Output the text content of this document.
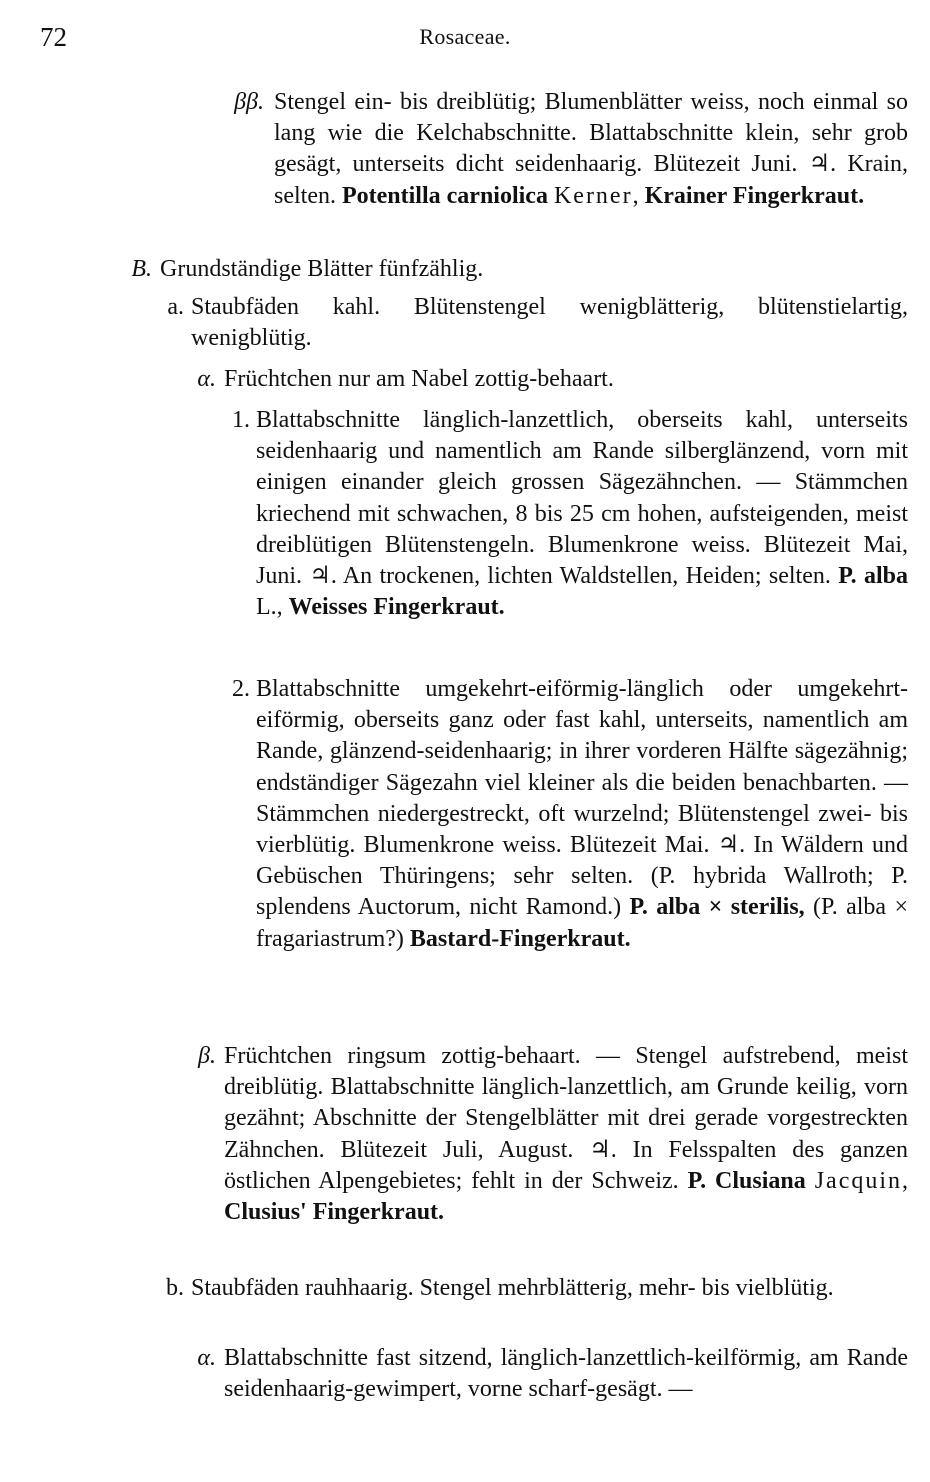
72	Rosaceae.
ββ. Stengel ein- bis dreiblütig; Blumenblätter weiss, noch einmal so lang wie die Kelchabschnitte. Blattabschnitte klein, sehr grob gesägt, unterseits dicht seidenhaarig. Blütezeit Juni. ♃. Krain, selten. Potentilla carniolica Kerner, Krainer Fingerkraut.
B. Grundständige Blätter fünfzählig.
a. Staubfäden kahl. Blütenstengel wenigblätterig, blütenstielartig, wenigblütig.
α. Früchtchen nur am Nabel zottig-behaart.
1. Blattabschnitte länglich-lanzettlich, oberseits kahl, unterseits seidenhaarig und namentlich am Rande silberglänzend, vorn mit einigen einander gleich grossen Sägezähnchen. — Stämmchen kriechend mit schwachen, 8 bis 25 cm hohen, aufsteigenden, meist dreiblütigen Blütenstengeln. Blumenkrone weiss. Blütezeit Mai, Juni. ♃. An trockenen, lichten Waldstellen, Heiden; selten. P. alba L., Weisses Fingerkraut.
2. Blattabschnitte umgekehrt-eiförmig-länglich oder umgekehrt-eiförmig, oberseits ganz oder fast kahl, unterseits, namentlich am Rande, glänzend-seidenhaarig; in ihrer vorderen Hälfte sägezähnig; endständiger Sägezahn viel kleiner als die beiden benachbarten. — Stämmchen niedergestreckt, oft wurzelnd; Blütenstengel zwei- bis vierblütig. Blumenkrone weiss. Blütezeit Mai. ♃. In Wäldern und Gebüschen Thüringens; sehr selten. (P. hybrida Wallroth; P. splendens Auctorum, nicht Ramond.) P. alba × sterilis, (P. alba × fragariastrum?) Bastard-Fingerkraut.
β. Früchtchen ringsum zottig-behaart. — Stengel aufstrebend, meist dreiblütig. Blattabschnitte länglich-lanzettlich, am Grunde keilig, vorn gezähnt; Abschnitte der Stengelblätter mit drei gerade vorgestreckten Zähnchen. Blütezeit Juli, August. ♃. In Felsspalten des ganzen östlichen Alpengebietes; fehlt in der Schweiz. P. Clusiana Jacquin, Clusius' Fingerkraut.
b. Staubfäden rauhhaarig. Stengel mehrblätterig, mehr- bis vielblütig.
α. Blattabschnitte fast sitzend, länglich-lanzettlich-keilförmig, am Rande seidenhaarig-gewimpert, vorne scharf-gesägt. —
